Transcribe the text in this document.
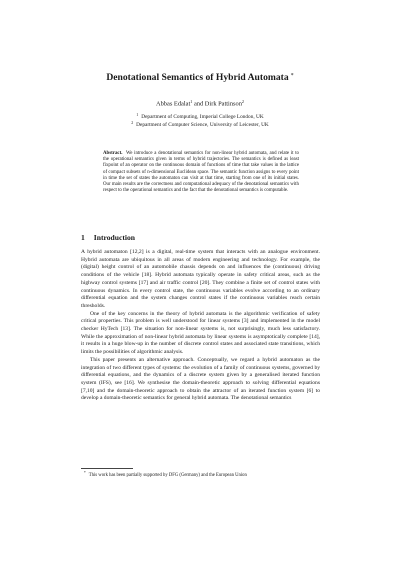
Denotational Semantics of Hybrid Automata *
Abbas Edalat$^1$ and Dirk Pattinson$^2$
$^1$ Department of Computing, Imperial College London, UK
$^2$ Department of Computer Science, University of Leicester, UK

Abstract. We introduce a denotational semantics for non-linear hybrid automata, and relate it to the operational semantics given in terms of hybrid trajectories. The semantics is defined as least fixpoint of an operator on the continuous domain of functions of time that take values in the lattice of compact subsets of n-dimensional Euclidean space. The semantic function assigns to every point in time the set of states the automaton can visit at that time, starting from one of its initial states. Our main results are the correctness and computational adequacy of the denotational semantics with respect to the operational semantics and the fact that the denotational semantics is computable.

1 Introduction

A hybrid automaton [12,2] is a digital, real-time system that interacts with an analogue environment. Hybrid automata are ubiquitous in all areas of modern engineering and technology. For example, the (digital) height control of an automobile chassis depends on and influences the (continuous) driving conditions of the vehicle [18]. Hybrid automata typically operate in safety critical areas, such as the highway control systems [17] and air traffic control [20]. They combine a finite set of control states with continuous dynamics. In every control state, the continuous variables evolve according to an ordinary differential equation and the system changes control states if the continuous variables reach certain thresholds.

One of the key concerns in the theory of hybrid automata is the algorithmic verification of safety critical properties. This problem is well understood for linear systems [3] and implemented in the model checker HyTech [13]. The situation for non-linear systems is, not surprisingly, much less satisfactory. While the approximation of non-linear hybrid automata by linear systems is asymptotically complete [14], it results in a huge blow-up in the number of discrete control states and associated state transitions, which limits the possibilities of algorithmic analysis.

This paper presents an alternative approach. Conceptually, we regard a hybrid automaton as the integration of two different types of systems: the evolution of a family of continuous systems, governed by differential equations, and the dynamics of a discrete system given by a generalised iterated function system (IFS), see [16]. We synthesise the domain-theoretic approach to solving differential equations [7,10] and the domain-theoretic approach to obtain the attractor of an iterated function system [6] to develop a domain-theoretic semantics for general hybrid automata. The denotational semantics

* This work has been partially supported by DFG (Germany) and the European Union
